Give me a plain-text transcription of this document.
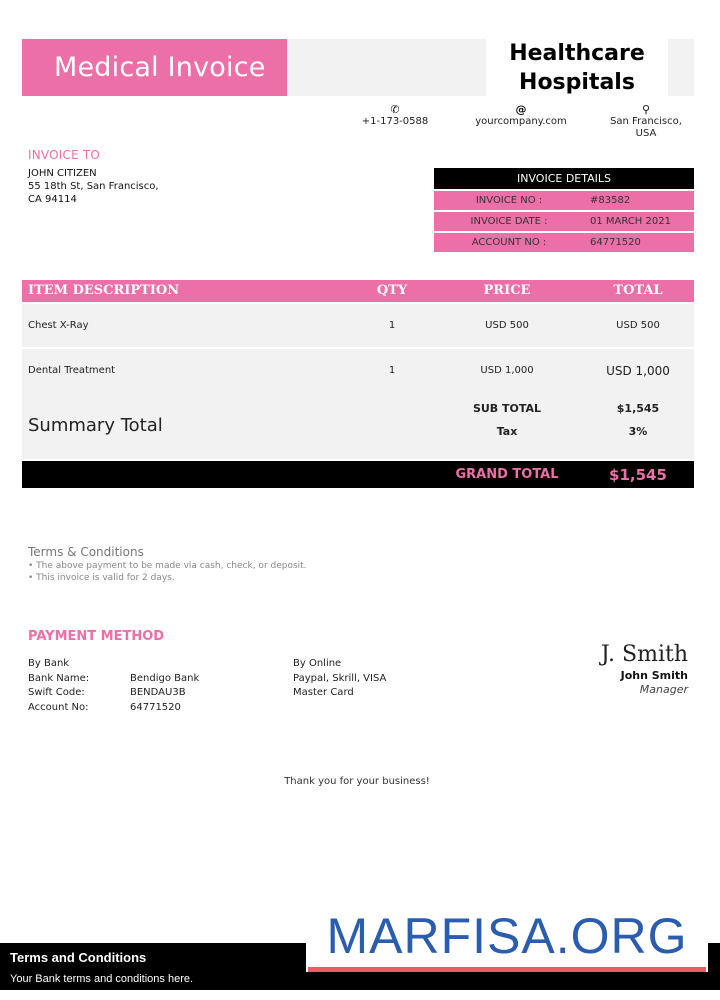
Medical Invoice	Healthcare
Hospitals
✆
+1-173-0588
@
yourcompany.com
⚲
San Francisco,
USA
INVOICE TO
JOHN CITIZEN
55 18th St, San Francisco,
CA 94114
INVOICE DETAILS
INVOICE NO :	#83582
INVOICE DATE :	01 MARCH 2021
ACCOUNT NO :	64771520
ITEM DESCRIPTION	QTY	PRICE	TOTAL
Chest X-Ray	1	USD 500	USD 500
Dental Treatment	1	USD 1,000	USD 1,000
Summary Total
SUB TOTAL	$1,545
Tax	3%
GRAND TOTAL	$1,545
Terms & Conditions
• The above payment to be made via cash, check, or deposit.
• This invoice is valid for 2 days.
PAYMENT METHOD
By Bank
Bank Name:	Bendigo Bank
Swift Code:	BENDAU3B
Account No:	64771520
By Online
Paypal, Skrill, VISA
Master Card
J. Smith
John Smith
Manager
Thank you for your business!
Terms and Conditions
Your Bank terms and conditions here.
MARFISA.ORG
